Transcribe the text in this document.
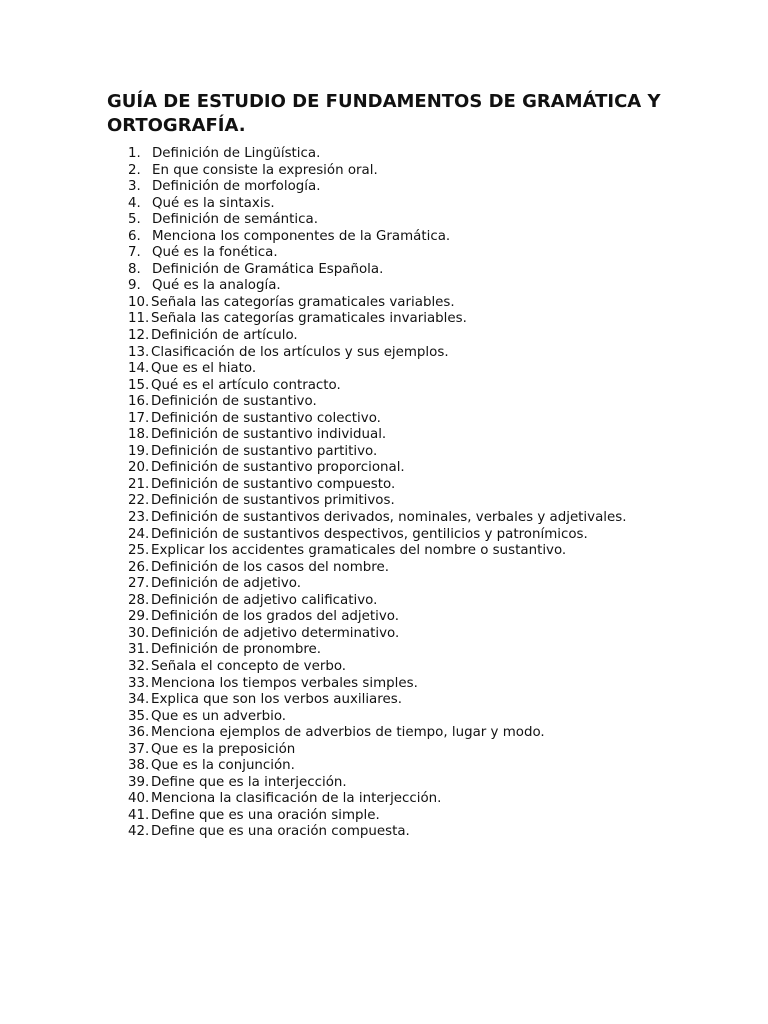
GUÍA DE ESTUDIO DE FUNDAMENTOS DE GRAMÁTICA Y ORTOGRAFÍA.
1. Definición de Lingüística.
2. En que consiste la expresión oral.
3. Definición de morfología.
4. Qué es la sintaxis.
5. Definición de semántica.
6. Menciona los componentes de la Gramática.
7. Qué es la fonética.
8. Definición de Gramática Española.
9. Qué es la analogía.
10. Señala las categorías gramaticales variables.
11. Señala las categorías gramaticales invariables.
12. Definición de artículo.
13. Clasificación de los artículos y sus ejemplos.
14. Que es el hiato.
15. Qué es el artículo contracto.
16. Definición de sustantivo.
17. Definición de sustantivo colectivo.
18. Definición de sustantivo individual.
19. Definición de sustantivo partitivo.
20. Definición de sustantivo proporcional.
21. Definición de sustantivo compuesto.
22. Definición de sustantivos primitivos.
23. Definición de sustantivos derivados, nominales, verbales y adjetivales.
24. Definición de sustantivos despectivos, gentilicios y patronímicos.
25. Explicar los accidentes gramaticales del nombre o sustantivo.
26. Definición de los casos del nombre.
27. Definición de adjetivo.
28. Definición de adjetivo calificativo.
29. Definición de los grados del adjetivo.
30. Definición de adjetivo determinativo.
31. Definición de pronombre.
32. Señala el concepto de verbo.
33. Menciona los tiempos verbales simples.
34. Explica que son los verbos auxiliares.
35. Que es un adverbio.
36. Menciona ejemplos de adverbios de tiempo, lugar y modo.
37. Que es la preposición
38. Que es la conjunción.
39. Define que es la interjección.
40. Menciona la clasificación de la interjección.
41. Define que es una oración simple.
42. Define que es una oración compuesta.
